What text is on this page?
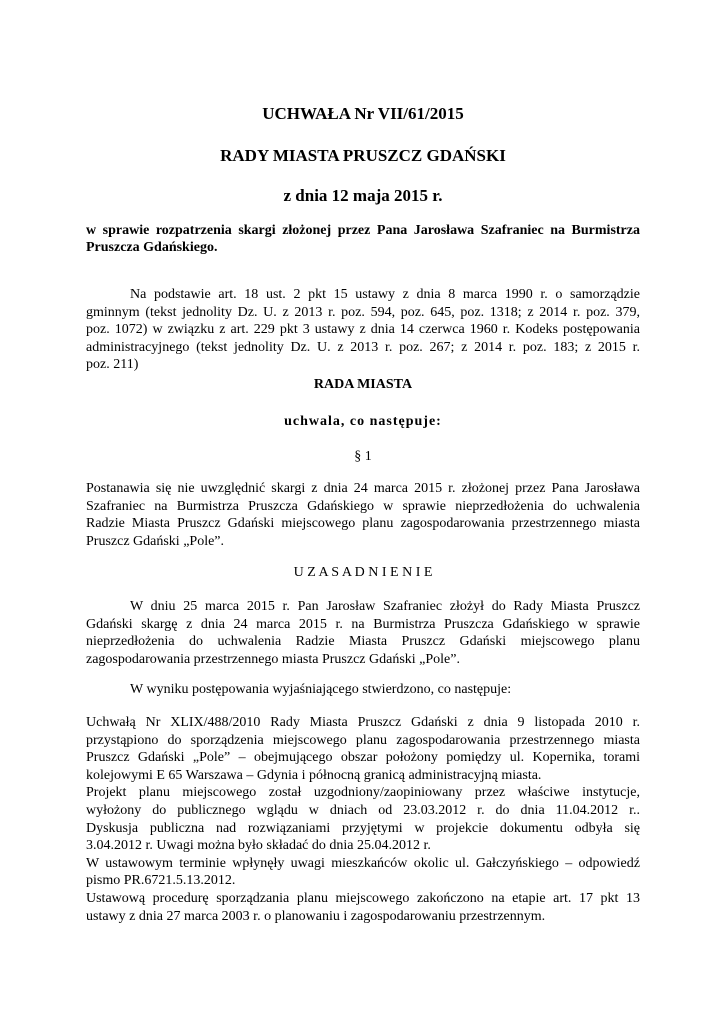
UCHWAŁA Nr VII/61/2015
RADY MIASTA PRUSZCZ GDAŃSKI
z dnia 12 maja 2015 r.
w sprawie rozpatrzenia skargi złożonej przez Pana Jarosława Szafraniec na Burmistrza
Pruszcza Gdańskiego.
Na podstawie art. 18 ust. 2 pkt 15 ustawy z dnia 8 marca 1990 r. o samorządzie
gminnym (tekst jednolity Dz. U. z 2013 r. poz. 594, poz. 645, poz. 1318; z 2014 r. poz. 379,
poz. 1072) w związku z art. 229 pkt 3 ustawy z dnia 14 czerwca 1960 r. Kodeks postępowania
administracyjnego (tekst jednolity Dz. U. z 2013 r. poz. 267; z 2014 r. poz. 183; z 2015 r.
poz. 211)
RADA MIASTA
uchwala, co następuje:
§ 1
Postanawia się nie uwzględnić skargi z dnia 24 marca 2015 r. złożonej przez Pana Jarosława
Szafraniec na Burmistrza Pruszcza Gdańskiego w sprawie nieprzedłożenia do uchwalenia
Radzie Miasta Pruszcz Gdański miejscowego planu zagospodarowania przestrzennego miasta
Pruszcz Gdański „Pole”.
U Z A S A D N I E N I E
W dniu 25 marca 2015 r. Pan Jarosław Szafraniec złożył do Rady Miasta Pruszcz
Gdański skargę z dnia 24 marca 2015 r. na Burmistrza Pruszcza Gdańskiego w sprawie
nieprzedłożenia do uchwalenia Radzie Miasta Pruszcz Gdański miejscowego planu
zagospodarowania przestrzennego miasta Pruszcz Gdański „Pole”.
W wyniku postępowania wyjaśniającego stwierdzono, co następuje:
Uchwałą Nr XLIX/488/2010 Rady Miasta Pruszcz Gdański z dnia 9 listopada 2010 r.
przystąpiono do sporządzenia miejscowego planu zagospodarowania przestrzennego miasta
Pruszcz Gdański „Pole” – obejmującego obszar położony pomiędzy ul. Kopernika, torami
kolejowymi E 65 Warszawa – Gdynia i północną granicą administracyjną miasta.
Projekt planu miejscowego został uzgodniony/zaopiniowany przez właściwe instytucje,
wyłożony do publicznego wglądu w dniach od 23.03.2012 r. do dnia 11.04.2012 r..
Dyskusja publiczna nad rozwiązaniami przyjętymi w projekcie dokumentu odbyła się
3.04.2012 r. Uwagi można było składać do dnia 25.04.2012 r.
W ustawowym terminie wpłynęły uwagi mieszkańców okolic ul. Gałczyńskiego – odpowiedź
pismo PR.6721.5.13.2012.
Ustawową procedurę sporządzania planu miejscowego zakończono na etapie art. 17 pkt 13
ustawy z dnia 27 marca 2003 r. o planowaniu i zagospodarowaniu przestrzennym.
